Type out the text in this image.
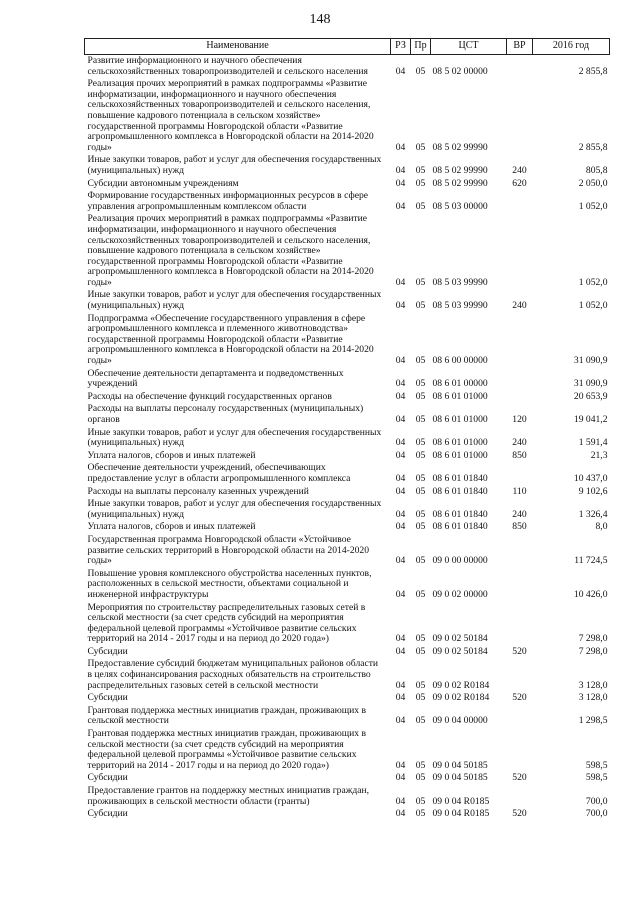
148
Наименование	РЗ	Пр	ЦСТ	ВР	2016 год
Развитие информационного и научного обеспечения сельскохозяйственных товаропроизводителей и сельского населения	04	05	08 5 02 00000		2 855,8
Реализация прочих мероприятий в рамках подпрограммы «Развитие информатизации, информационного и научного обеспечения сельскохозяйственных товаропроизводителей и сельского населения, повышение кадрового потенциала в сельском хозяйстве» государственной программы Новгородской области «Развитие агропромышленного комплекса в Новгородской области на 2014-2020 годы»	04	05	08 5 02 99990		2 855,8
Иные закупки товаров, работ и услуг для обеспечения государственных (муниципальных) нужд	04	05	08 5 02 99990	240	805,8
Субсидии автономным учреждениям	04	05	08 5 02 99990	620	2 050,0
Формирование государственных информационных ресурсов в сфере управления агропромышленным комплексом области	04	05	08 5 03 00000		1 052,0
Реализация прочих мероприятий в рамках подпрограммы «Развитие информатизации, информационного и научного обеспечения сельскохозяйственных товаропроизводителей и сельского населения, повышение кадрового потенциала в сельском хозяйстве» государственной программы Новгородской области «Развитие агропромышленного комплекса в Новгородской области на 2014-2020 годы»	04	05	08 5 03 99990		1 052,0
Иные закупки товаров, работ и услуг для обеспечения государственных (муниципальных) нужд	04	05	08 5 03 99990	240	1 052,0
Подпрограмма «Обеспечение государственного управления в сфере агропромышленного комплекса и племенного животноводства» государственной программы Новгородской области «Развитие агропромышленного комплекса в Новгородской области на 2014-2020 годы»	04	05	08 6 00 00000		31 090,9
Обеспечение деятельности департамента и подведомственных учреждений	04	05	08 6 01 00000		31 090,9
Расходы на обеспечение функций государственных органов	04	05	08 6 01 01000		20 653,9
Расходы на выплаты персоналу государственных (муниципальных) органов	04	05	08 6 01 01000	120	19 041,2
Иные закупки товаров, работ и услуг для обеспечения государственных (муниципальных) нужд	04	05	08 6 01 01000	240	1 591,4
Уплата налогов, сборов и иных платежей	04	05	08 6 01 01000	850	21,3
Обеспечение деятельности учреждений, обеспечивающих предоставление услуг в области агропромышленного комплекса	04	05	08 6 01 01840		10 437,0
Расходы на выплаты персоналу казенных учреждений	04	05	08 6 01 01840	110	9 102,6
Иные закупки товаров, работ и услуг для обеспечения государственных (муниципальных) нужд	04	05	08 6 01 01840	240	1 326,4
Уплата налогов, сборов и иных платежей	04	05	08 6 01 01840	850	8,0
Государственная программа Новгородской области «Устойчивое развитие сельских территорий в Новгородской области на 2014-2020 годы»	04	05	09 0 00 00000		11 724,5
Повышение уровня комплексного обустройства населенных пунктов, расположенных в сельской местности, объектами социальной и инженерной инфраструктуры	04	05	09 0 02 00000		10 426,0
Мероприятия по строительству распределительных газовых сетей в сельской местности (за счет средств субсидий на мероприятия федеральной целевой программы «Устойчивое развитие сельских территорий на 2014 - 2017 годы и на период до 2020 года»)	04	05	09 0 02 50184		7 298,0
Субсидии	04	05	09 0 02 50184	520	7 298,0
Предоставление субсидий бюджетам муниципальных районов области в целях софинансирования расходных обязательств на строительство распределительных газовых сетей в сельской местности	04	05	09 0 02 R0184		3 128,0
Субсидии	04	05	09 0 02 R0184	520	3 128,0
Грантовая поддержка местных инициатив граждан, проживающих в сельской местности	04	05	09 0 04 00000		1 298,5
Грантовая поддержка местных инициатив граждан, проживающих в сельской местности (за счет средств субсидий на мероприятия федеральной целевой программы «Устойчивое развитие сельских территорий на 2014 - 2017 годы и на период до 2020 года»)	04	05	09 0 04 50185		598,5
Субсидии	04	05	09 0 04 50185	520	598,5
Предоставление грантов на поддержку местных инициатив граждан, проживающих в сельской местности области (гранты)	04	05	09 0 04 R0185		700,0
Субсидии	04	05	09 0 04 R0185	520	700,0
